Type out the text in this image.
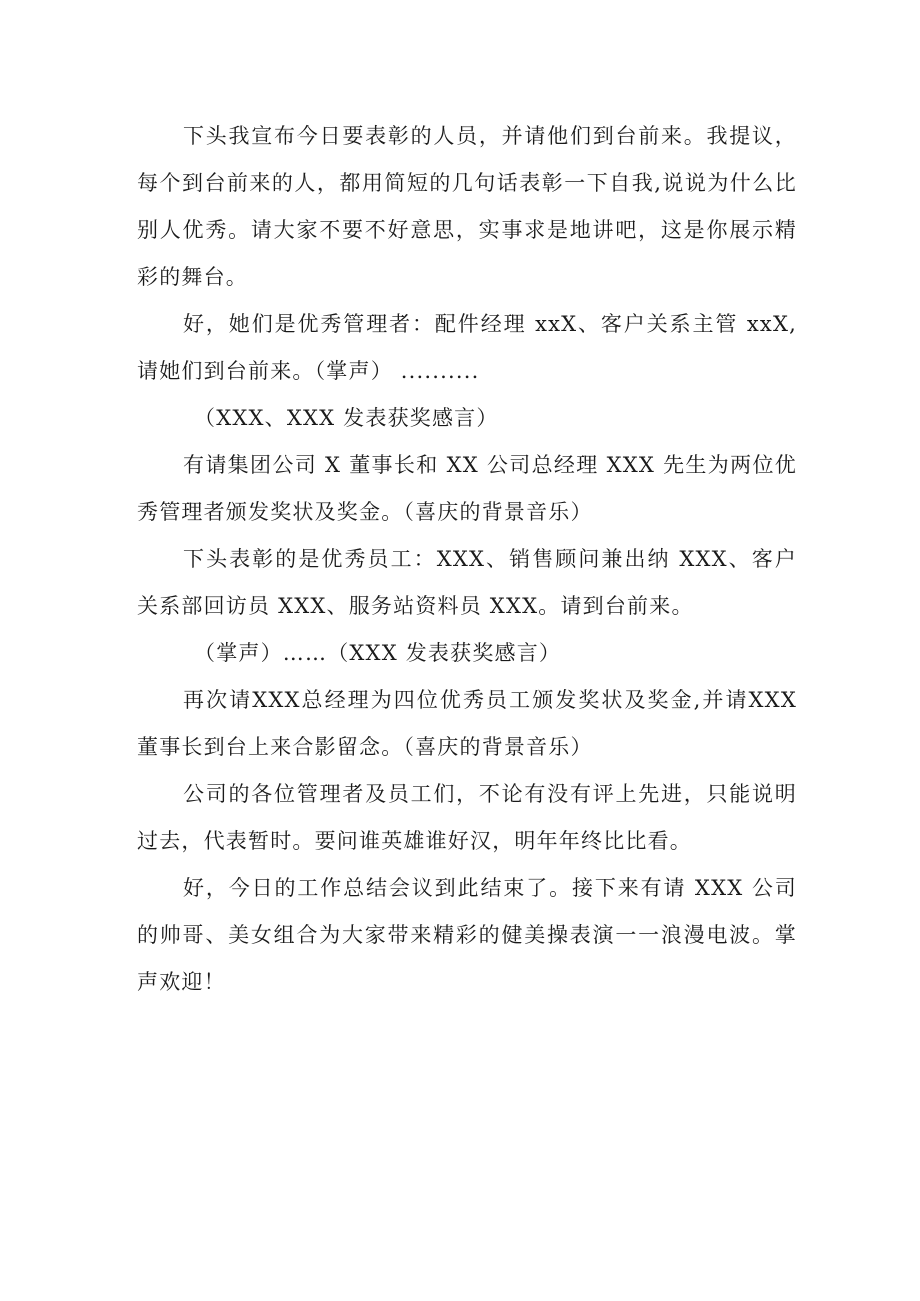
下头我宣布今日要表彰的人员，并请他们到台前来。我提议，每个到台前来的人，都用简短的几句话表彰一下自我,说说为什么比别人优秀。请大家不要不好意思，实事求是地讲吧，这是你展示精彩的舞台。

好，她们是优秀管理者：配件经理 xxX、客户关系主管 xxX,请她们到台前来。（掌声） ..........

（XXX、XXX 发表获奖感言）

有请集团公司 X 董事长和 XX 公司总经理 XXX 先生为两位优秀管理者颁发奖状及奖金。（喜庆的背景音乐）

下头表彰的是优秀员工：XXX、销售顾问兼出纳 XXX、客户关系部回访员 XXX、服务站资料员 XXX。请到台前来。

（掌声）……（XXX 发表获奖感言）

再次请XXX总经理为四位优秀员工颁发奖状及奖金,并请XXX董事长到台上来合影留念。（喜庆的背景音乐）

公司的各位管理者及员工们，不论有没有评上先进，只能说明过去，代表暂时。要问谁英雄谁好汉，明年年终比比看。

好，今日的工作总结会议到此结束了。接下来有请 XXX 公司的帅哥、美女组合为大家带来精彩的健美操表演一一浪漫电波。掌声欢迎！
